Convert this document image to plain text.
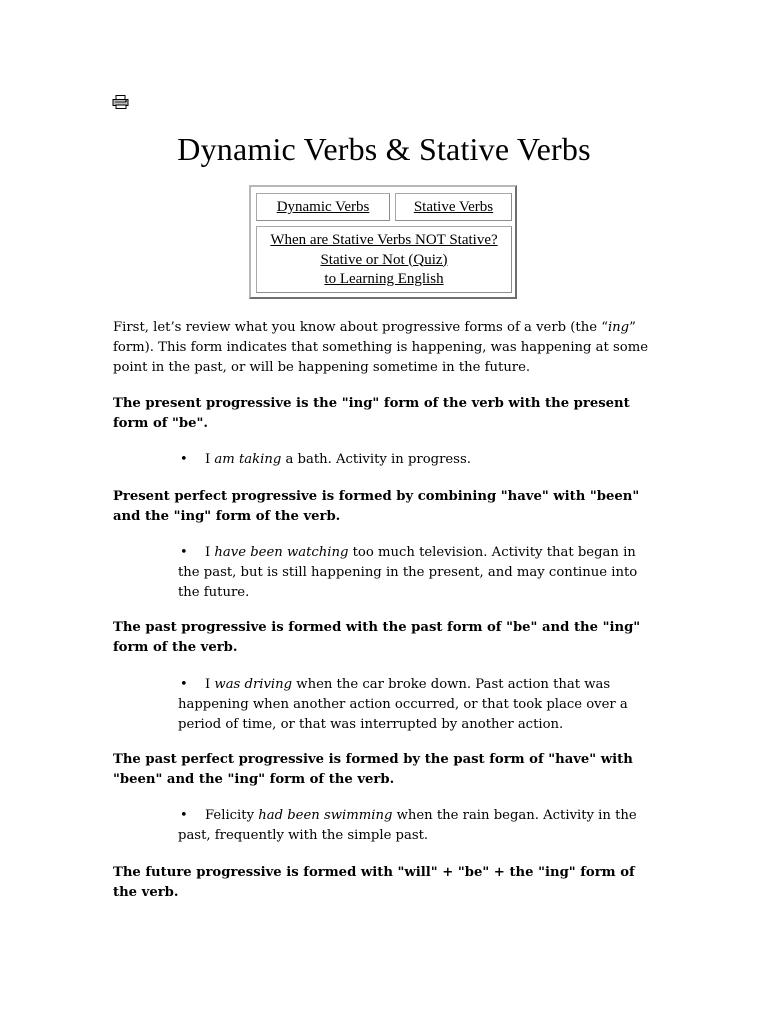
Dynamic Verbs & Stative Verbs
Dynamic Verbs	Stative Verbs
When are Stative Verbs NOT Stative?
Stative or Not (Quiz)
to Learning English

First, let’s review what you know about progressive forms of a verb (the “ing” form). This form indicates that something is happening, was happening at some point in the past, or will be happening sometime in the future.

The present progressive is the "ing" form of the verb with the present form of "be".

• I am taking a bath. Activity in progress.

Present perfect progressive is formed by combining "have" with "been" and the "ing" form of the verb.

• I have been watching too much television. Activity that began in the past, but is still happening in the present, and may continue into the future.

The past progressive is formed with the past form of "be" and the "ing" form of the verb.

• I was driving when the car broke down. Past action that was happening when another action occurred, or that took place over a period of time, or that was interrupted by another action.

The past perfect progressive is formed by the past form of "have" with "been" and the "ing" form of the verb.

• Felicity had been swimming when the rain began. Activity in the past, frequently with the simple past.

The future progressive is formed with "will" + "be" + the "ing" form of the verb.
